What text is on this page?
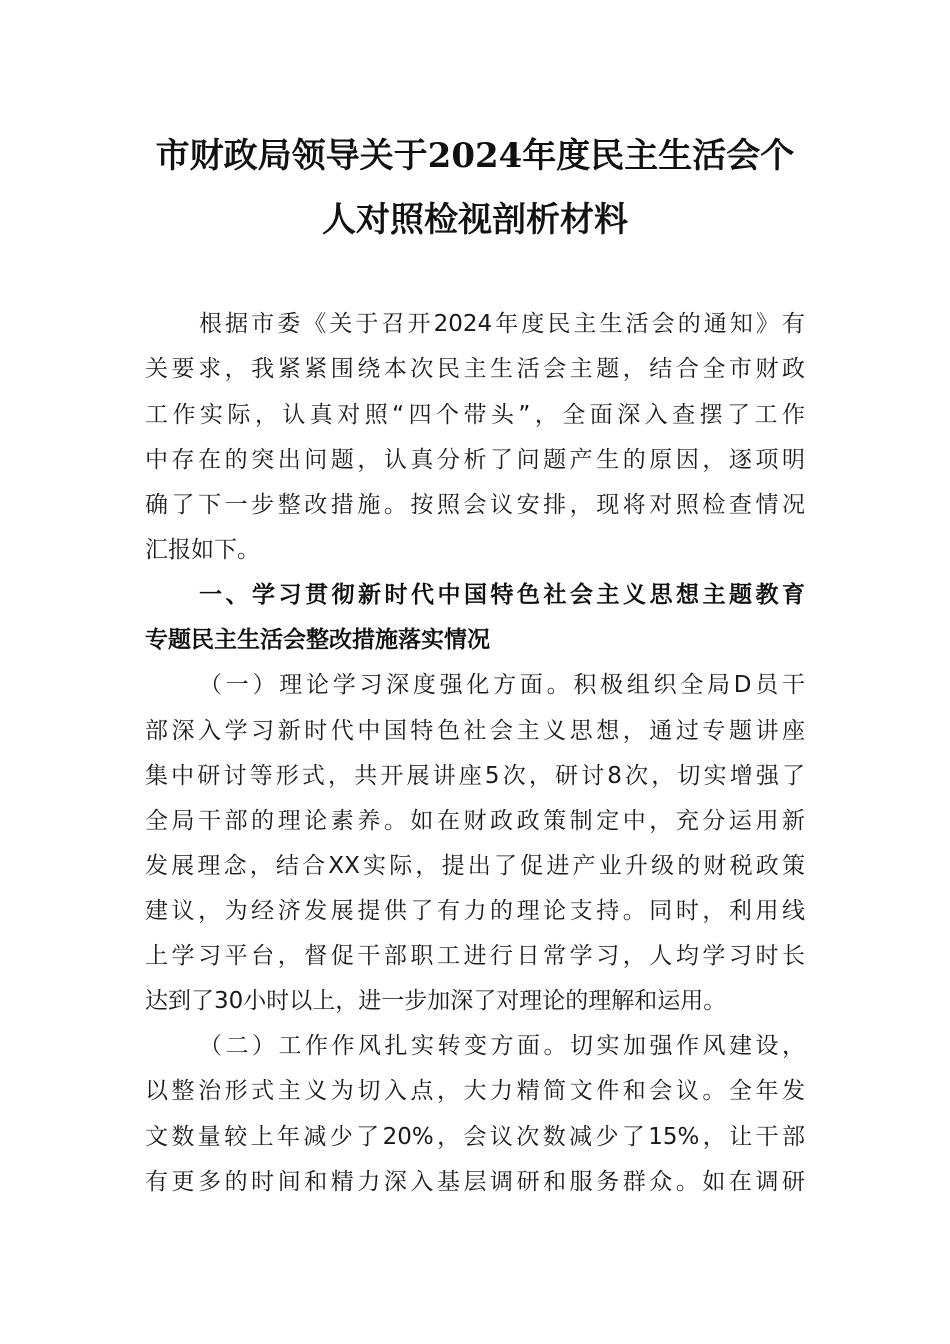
市财政局领导关于2024年度民主生活会个
人对照检视剖析材料
根据市委《关于召开2024年度民主生活会的通知》有
关要求，我紧紧围绕本次民主生活会主题，结合全市财政
工作实际，认真对照“四个带头”，全面深入查摆了工作
中存在的突出问题，认真分析了问题产生的原因，逐项明
确了下一步整改措施。按照会议安排，现将对照检查情况
汇报如下。
一、学习贯彻新时代中国特色社会主义思想主题教育
专题民主生活会整改措施落实情况
（一）理论学习深度强化方面。积极组织全局D员干
部深入学习新时代中国特色社会主义思想，通过专题讲座
集中研讨等形式，共开展讲座5次，研讨8次，切实增强了
全局干部的理论素养。如在财政政策制定中，充分运用新
发展理念，结合XX实际，提出了促进产业升级的财税政策
建议，为经济发展提供了有力的理论支持。同时，利用线
上学习平台，督促干部职工进行日常学习，人均学习时长
达到了30小时以上，进一步加深了对理论的理解和运用。
（二）工作作风扎实转变方面。切实加强作风建设，
以整治形式主义为切入点，大力精简文件和会议。全年发
文数量较上年减少了20%，会议次数减少了15%，让干部
有更多的时间和精力深入基层调研和服务群众。如在调研
